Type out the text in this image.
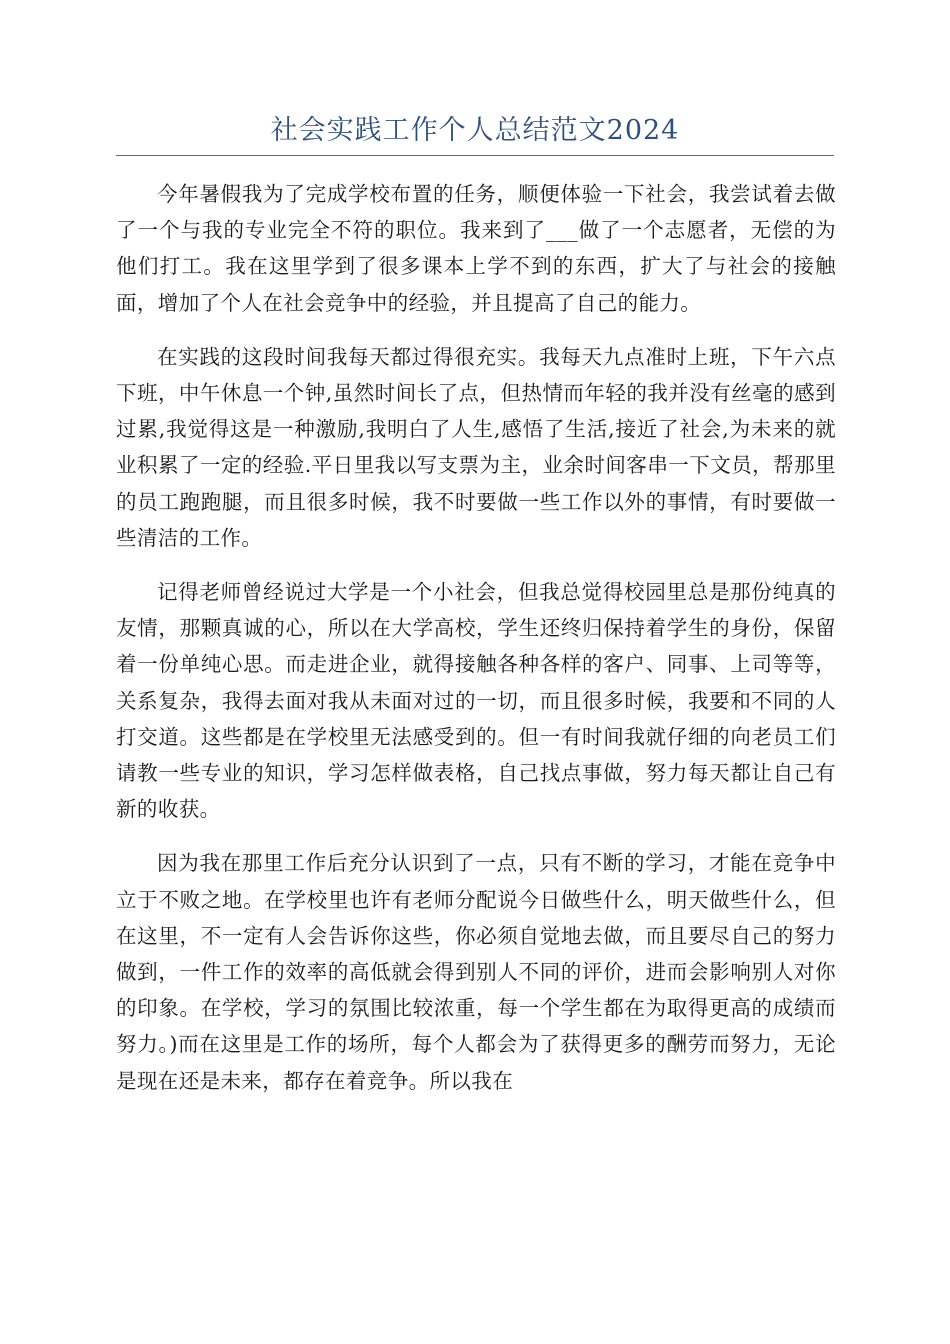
社会实践工作个人总结范文2024

今年暑假我为了完成学校布置的任务，顺便体验一下社会，我尝试着去做了一个与我的专业完全不符的职位。我来到了___做了一个志愿者，无偿的为他们打工。我在这里学到了很多课本上学不到的东西，扩大了与社会的接触面，增加了个人在社会竞争中的经验，并且提高了自己的能力。

在实践的这段时间我每天都过得很充实。我每天九点准时上班，下午六点下班，中午休息一个钟,虽然时间长了点，但热情而年轻的我并没有丝毫的感到过累,我觉得这是一种激励,我明白了人生,感悟了生活,接近了社会,为未来的就业积累了一定的经验.平日里我以写支票为主，业余时间客串一下文员，帮那里的员工跑跑腿，而且很多时候，我不时要做一些工作以外的事情，有时要做一些清洁的工作。

记得老师曾经说过大学是一个小社会，但我总觉得校园里总是那份纯真的友情，那颗真诚的心，所以在大学高校，学生还终归保持着学生的身份，保留着一份单纯心思。而走进企业，就得接触各种各样的客户、同事、上司等等，关系复杂，我得去面对我从未面对过的一切，而且很多时候，我要和不同的人打交道。这些都是在学校里无法感受到的。但一有时间我就仔细的向老员工们请教一些专业的知识，学习怎样做表格，自己找点事做，努力每天都让自己有新的收获。

因为我在那里工作后充分认识到了一点，只有不断的学习，才能在竞争中立于不败之地。在学校里也许有老师分配说今日做些什么，明天做些什么，但在这里，不一定有人会告诉你这些，你必须自觉地去做，而且要尽自己的努力做到，一件工作的效率的高低就会得到别人不同的评价，进而会影响别人对你的印象。在学校，学习的氛围比较浓重，每一个学生都在为取得更高的成绩而努力。)而在这里是工作的场所，每个人都会为了获得更多的酬劳而努力，无论是现在还是未来，都存在着竞争。所以我在
